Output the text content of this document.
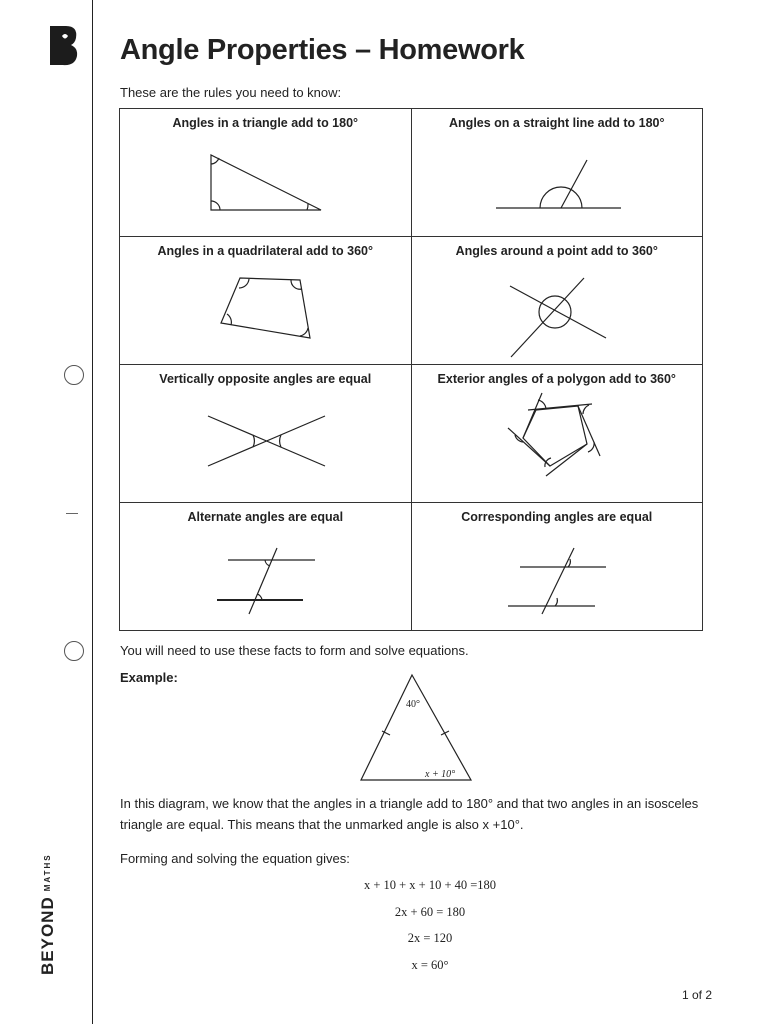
BEYONDMATHS
Angle Properties – Homework
These are the rules you need to know:
Angles in a triangle add to 180°	Angles on a straight line add to 180°

Angles in a quadrilateral add to 360°	Angles around a point add to 360°

Vertically opposite angles are equal	Exterior angles of a polygon add to 360°

Alternate angles are equal	Corresponding angles are equal
You will need to use these facts to form and solve equations.
Example:
40°
x + 10°
In this diagram, we know that the angles in a triangle add to 180° and that two angles in an isosceles
triangle are equal. This means that the unmarked angle is also x +10°.
Forming and solving the equation gives:
x + 10 + x + 10 + 40 =180
2x + 60 = 180
2x = 120
x = 60°
1 of 2
